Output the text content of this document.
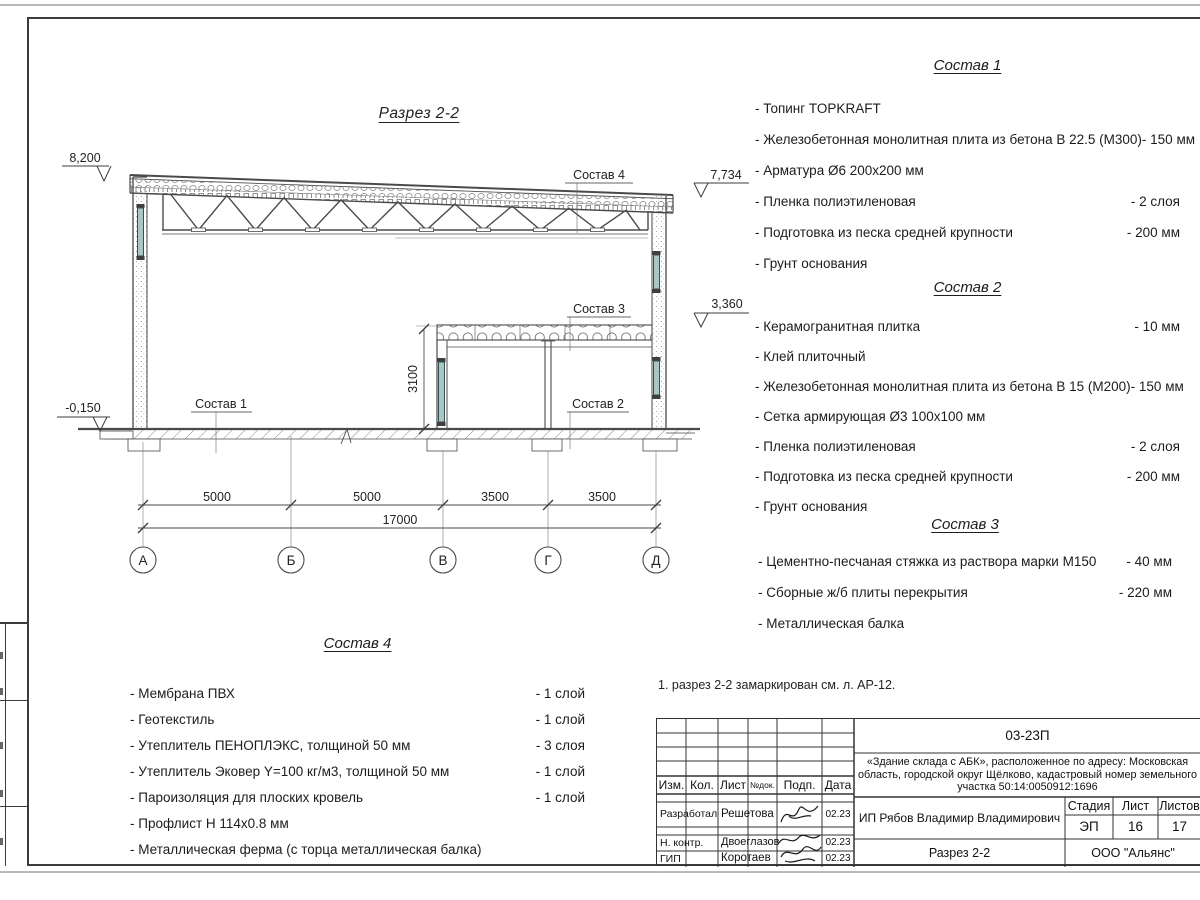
Разрез 2-2
А	Б	В	Г	Д
5000	5000	3500	3500
17000
3100
8,200
7,734
3,360
-0,150
Состав 4
Состав 3
Состав 2
Состав 1
Состав 1
- Топинг TOPKRAFT
- Железобетонная монолитная плита из бетона В 22.5 (М300) - 150 мм
- Арматура Ø6 200х200 мм
- Пленка полиэтиленовая	- 2 слоя
- Подготовка из песка средней крупности	- 200 мм
- Грунт основания
Состав 2
- Керамогранитная плитка	- 10 мм
- Клей плиточный
- Железобетонная монолитная плита из бетона В 15 (М200) - 150 мм
- Сетка армирующая Ø3 100х100 мм
- Пленка полиэтиленовая	- 2 слоя
- Подготовка из песка средней крупности	- 200 мм
- Грунт основания
Состав 3
- Цементно-песчаная стяжка из раствора марки М150 - 40 мм
- Сборные ж/б плиты перекрытия	- 220 мм
- Металлическая балка
Состав 4
- Мембрана ПВХ	- 1 слой
- Геотекстиль	- 1 слой
- Утеплитель ПЕНОПЛЭКС, толщиной 50 мм	- 3 слоя
- Утеплитель Эковер Y=100 кг/м3, толщиной 50 мм	- 1 слой
- Пароизоляция для плоских кровель	- 1 слой
- Профлист Н 114х0.8 мм
- Металлическая ферма (с торца металлическая балка)
1. разрез 2-2 замаркирован см. л. АР-12.
Изм. Кол. Лист №док. Подп. Дата
Разработал Решетова	02.23
Н. контр.	Двоеглазов	02.23
ГИП	Коротаев	02.23
03-23П
«Здание склада с АБК», расположенное по адресу: Московская область, городской округ Щёлково, кадастровый номер земельного участка 50:14:0050912:1696
ИП Рябов Владимир Владимирович
Стадия Лист Листов
ЭП	16	17
Разрез 2-2	ООО "Альянс"
